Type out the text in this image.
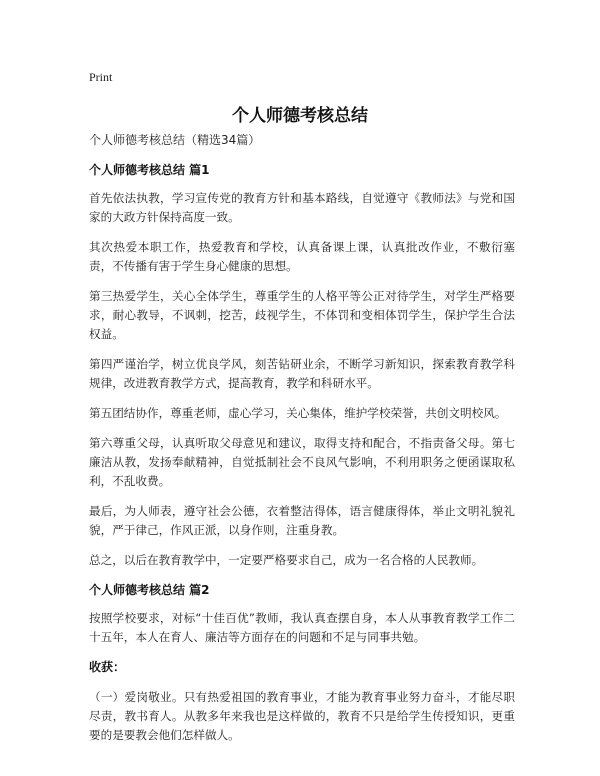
Print
个人师德考核总结

个人师德考核总结（精选34篇）

个人师德考核总结 篇1

首先依法执教，学习宣传党的教育方针和基本路线，自觉遵守《教师法》与党和国家的大政方针保持高度一致。

其次热爱本职工作，热爱教育和学校，认真备课上课，认真批改作业，不敷衍塞责，不传播有害于学生身心健康的思想。

第三热爱学生，关心全体学生，尊重学生的人格平等公正对待学生，对学生严格要求，耐心教导，不讽刺，挖苦，歧视学生，不体罚和变相体罚学生，保护学生合法权益。

第四严谨治学，树立优良学风，刻苦钻研业余，不断学习新知识，探索教育教学科规律，改进教育教学方式，提高教育，教学和科研水平。

第五团结协作，尊重老师，虚心学习，关心集体，维护学校荣誉，共创文明校风。

第六尊重父母，认真听取父母意见和建议，取得支持和配合，不指责备父母。第七廉洁从教，发扬奉献精神，自觉抵制社会不良风气影响，不利用职务之便函谋取私利，不乱收费。

最后，为人师表，遵守社会公德，衣着整洁得体，语言健康得体，举止文明礼貌礼貌，严于律己，作风正派，以身作则，注重身教。

总之，以后在教育教学中，一定要严格要求自己，成为一名合格的人民教师。

个人师德考核总结 篇2

按照学校要求，对标“十佳百优”教师，我认真查摆自身，本人从事教育教学工作二十五年，本人在育人、廉洁等方面存在的问题和不足与同事共勉。

收获：

（一）爱岗敬业。只有热爱祖国的教育事业，才能为教育事业努力奋斗，才能尽职尽责，教书育人。从教多年来我也是这样做的，教育不只是给学生传授知识，更重要的是要教会他们怎样做人。
